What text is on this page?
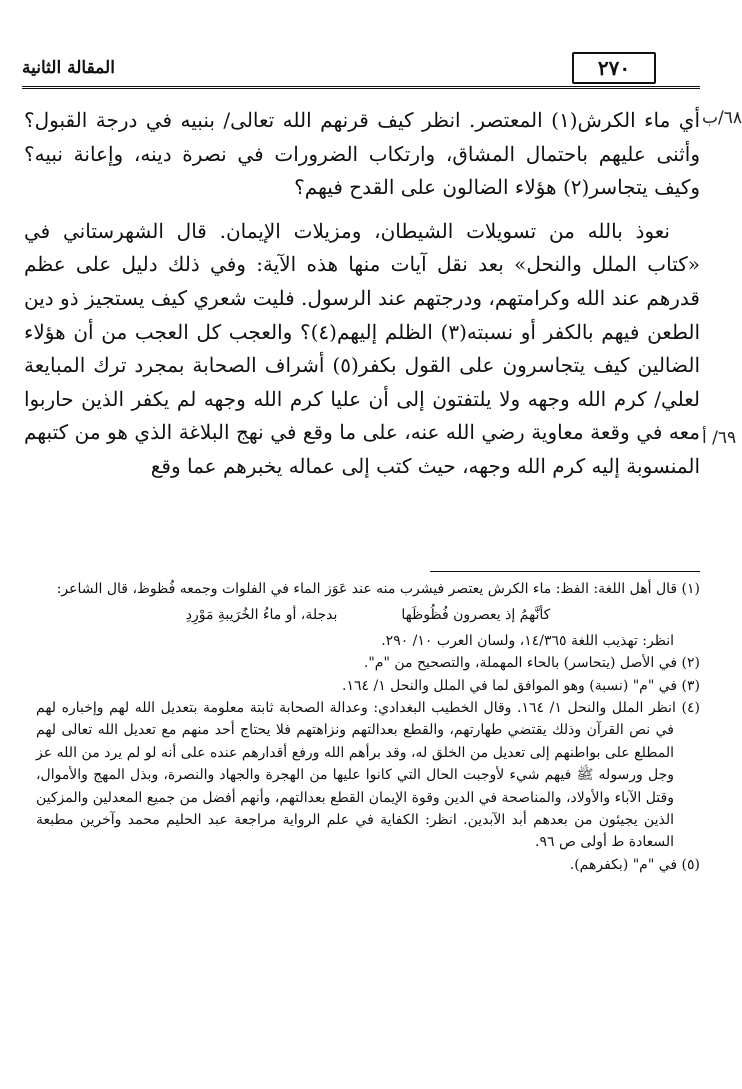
المقالة الثانية	٢٧٠
٦٨/ب
٦٩/ أ

أي ماء الكرش(١) المعتصر. انظر كيف قرنهم الله تعالى/ بنبيه في درجة القبول؟ وأثنى عليهم باحتمال المشاق، وارتكاب الضرورات في نصرة دينه، وإعانة نبيه؟ وكيف يتجاسر(٢) هؤلاء الضالون على القدح فيهم؟

نعوذ بالله من تسويلات الشيطان، ومزيلات الإيمان. قال الشهرستاني في «كتاب الملل والنحل» بعد نقل آيات منها هذه الآية: وفي ذلك دليل على عظم قدرهم عند الله وكرامتهم، ودرجتهم عند الرسول. فليت شعري كيف يستجيز ذو دين الطعن فيهم بالكفر أو نسبته(٣) الظلم إليهم(٤)؟ والعجب كل العجب من أن هؤلاء الضالين كيف يتجاسرون على القول بكفر(٥) أشراف الصحابة بمجرد ترك المبايعة لعلي/ كرم الله وجهه ولا يلتفتون إلى أن عليا كرم الله وجهه لم يكفر الذين حاربوا معه في وقعة معاوية رضي الله عنه، على ما وقع في نهج البلاغة الذي هو من كتبهم المنسوبة إليه كرم الله وجهه، حيث كتب إلى عماله يخبرهم عما وقع

(١) قال أهل اللغة: الفظ: ماء الكرش يعتصر فيشرب منه عند عَوَز الماء في الفلوات وجمعه فُظوظ، قال الشاعر:

كأنَّهمُ إذ يعصرون فُظُوظَها
بدجلة، أو ماءُ الخُرَيبةِ مَوْرِدِ

انظر: تهذيب اللغة ١٤/٣٦٥، ولسان العرب ١٠/ ٢٩٠.

(٢) في الأصل (يتحاسر) بالحاء المهملة، والتصحيح من "م".

(٣) في "م" (نسبة) وهو الموافق لما في الملل والنحل ١/ ١٦٤.

(٤) انظر الملل والنحل ١/ ١٦٤. وقال الخطيب البغدادي: وعدالة الصحابة ثابتة معلومة بتعديل الله لهم وإخباره لهم في نص القرآن وذلك يقتضي طهارتهم، والقطع بعدالتهم ونزاهتهم فلا يحتاج أحد منهم مع تعديل الله تعالى لهم المطلع على بواطنهم إلى تعديل من الخلق له، وقد برأهم الله ورفع أقدارهم عنده على أنه لو لم يرد من الله عز وجل ورسوله ﷺ فيهم شيء لأوجبت الحال التي كانوا عليها من الهجرة والجهاد والنصرة، وبذل المهج والأموال، وقتل الآباء والأولاد، والمناصحة في الدين وقوة الإيمان القطع بعدالتهم، وأنهم أفضل من جميع المعدلين والمزكين الذين يجيئون من بعدهم أبد الآبدين. انظر: الكفاية في علم الرواية مراجعة عبد الحليم محمد وآخرين مطبعة السعادة ط أولى ص ٩٦.

(٥) في "م" (بكفرهم).
